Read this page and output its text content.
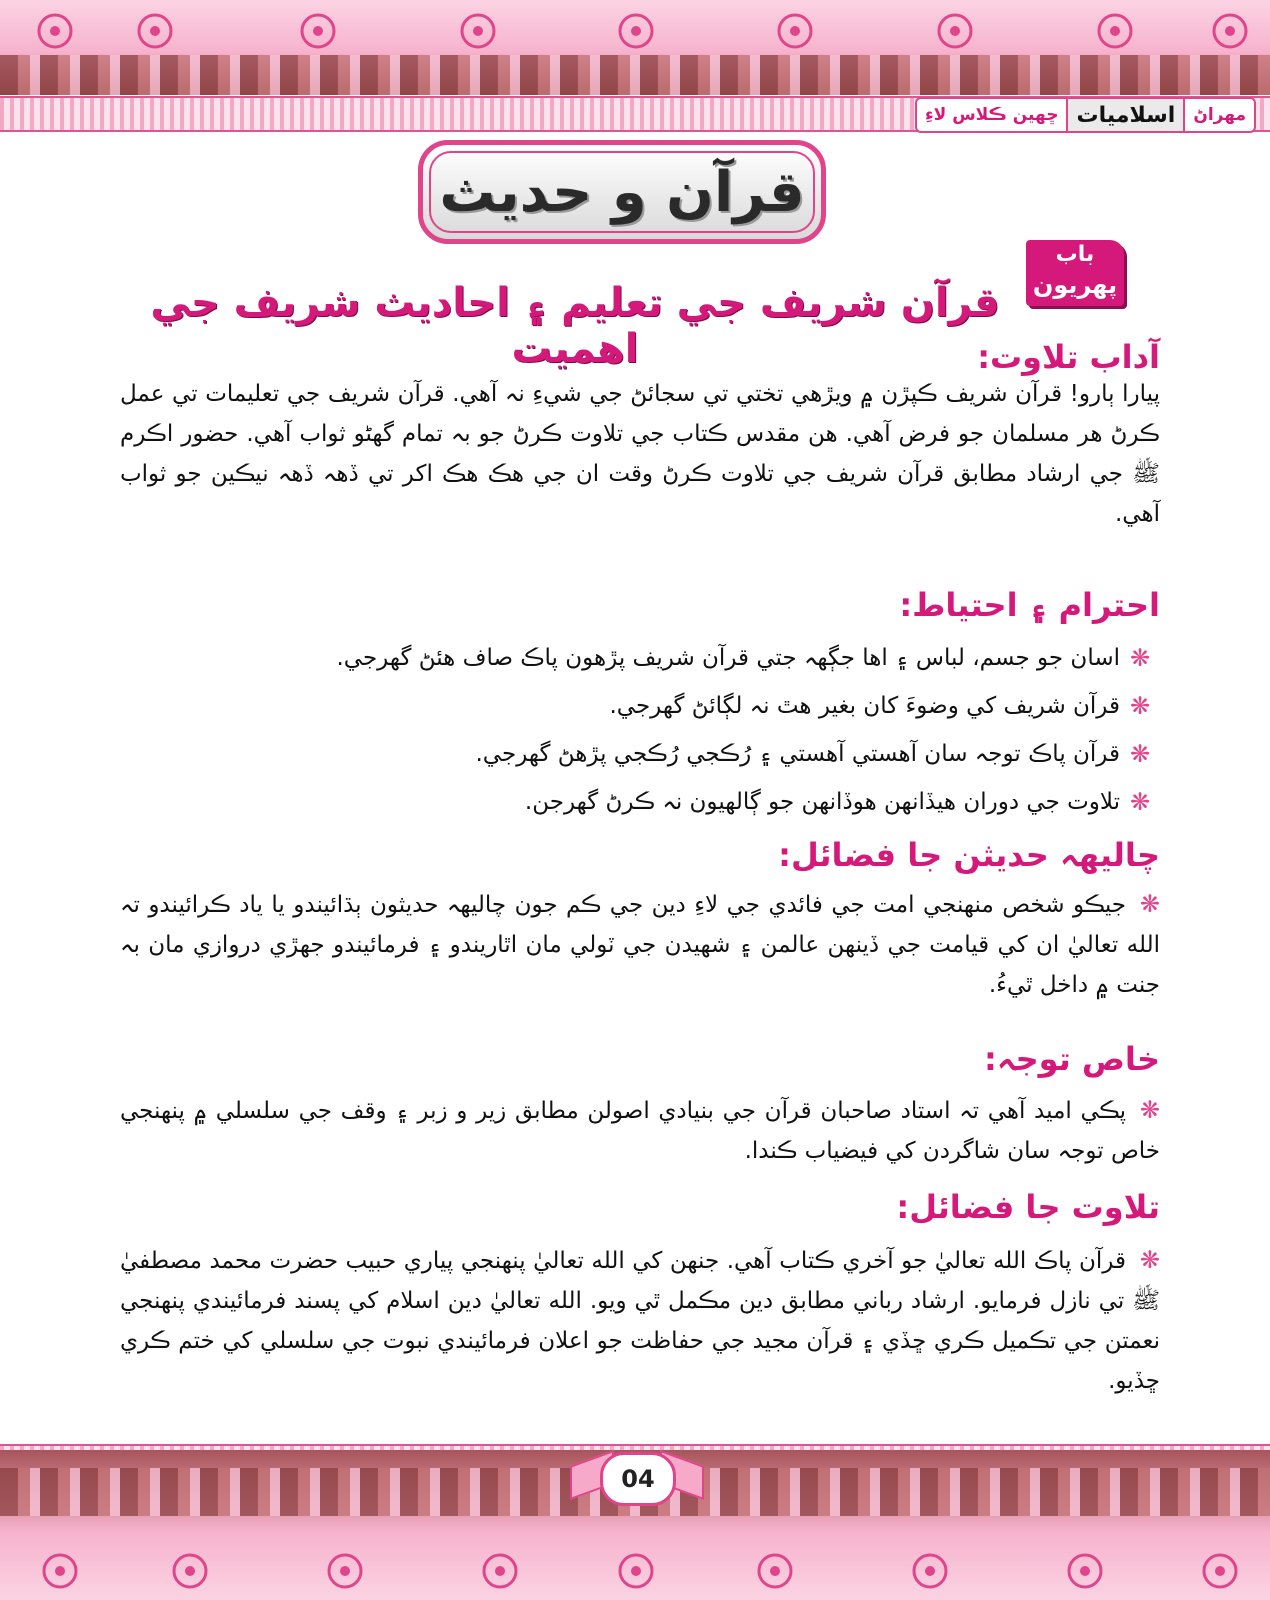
مهراڻ
اسلاميات
ڇهين ڪلاس لاءِ
قرآن و حديث
باب
پهريون
قرآن شريف جي تعليم ۽ احاديث شريف جي اهميت	آداب تلاوت:

پيارا ٻارو! قرآن شريف ڪپڙن ۾ ويڙهي تختي تي سجائڻ جي شيءِ نہ آهي. قرآن شريف جي تعليمات تي عمل ڪرڻ هر مسلمان جو فرض آهي. هن مقدس ڪتاب جي تلاوت ڪرڻ جو بہ تمام گهڻو ثواب آهي. حضور اڪرم ﷺ جي ارشاد مطابق قرآن شريف جي تلاوت ڪرڻ وقت ان جي هڪ هڪ اکر تي ڏهہ ڏهہ نيڪين جو ثواب آهي.

احترام ۽ احتياط:
❋
اسان جو جسم، لباس ۽ اها جڳهہ جتي قرآن شريف پڙهون پاڪ صاف هئڻ گهرجي.
❋
قرآن شريف کي وضوءَ کان بغير هٿ نہ لڳائڻ گهرجي.
❋
قرآن پاڪ توجہ سان آهستي آهستي ۽ رُڪجي رُڪجي پڙهڻ گهرجي.
❋
تلاوت جي دوران هيڏانهن هوڏانهن جو ڳالهيون نہ ڪرڻ گهرجن.
چاليهہ حديثن جا فضائل:

❋جيڪو شخص منهنجي امت جي فائدي جي لاءِ دين جي ڪم جون چاليهہ حديثون ٻڌائيندو يا ياد ڪرائيندو تہ الله تعاليٰ ان کي قيامت جي ڏينهن عالمن ۽ شهيدن جي ٽولي مان اٿاريندو ۽ فرمائيندو جهڙي دروازي مان بہ جنت ۾ داخل ٿيءُ.

خاص توجہ:

❋پڪي اميد آهي تہ استاد صاحبان قرآن جي بنيادي اصولن مطابق زير و زبر ۽ وقف جي سلسلي ۾ پنهنجي خاص توجہ سان شاگردن کي فيضياب ڪندا.

تلاوت جا فضائل:

❋قرآن پاڪ الله تعاليٰ جو آخري ڪتاب آهي. جنهن کي الله تعاليٰ پنهنجي پياري حبيب حضرت محمد مصطفيٰ ﷺ تي نازل فرمايو. ارشاد رباني مطابق دين مڪمل ٿي ويو. الله تعاليٰ دين اسلام کي پسند فرمائيندي پنهنجي نعمتن جي تڪميل ڪري ڇڏي ۽ قرآن مجيد جي حفاظت جو اعلان فرمائيندي نبوت جي سلسلي کي ختم ڪري ڇڏيو.

04
